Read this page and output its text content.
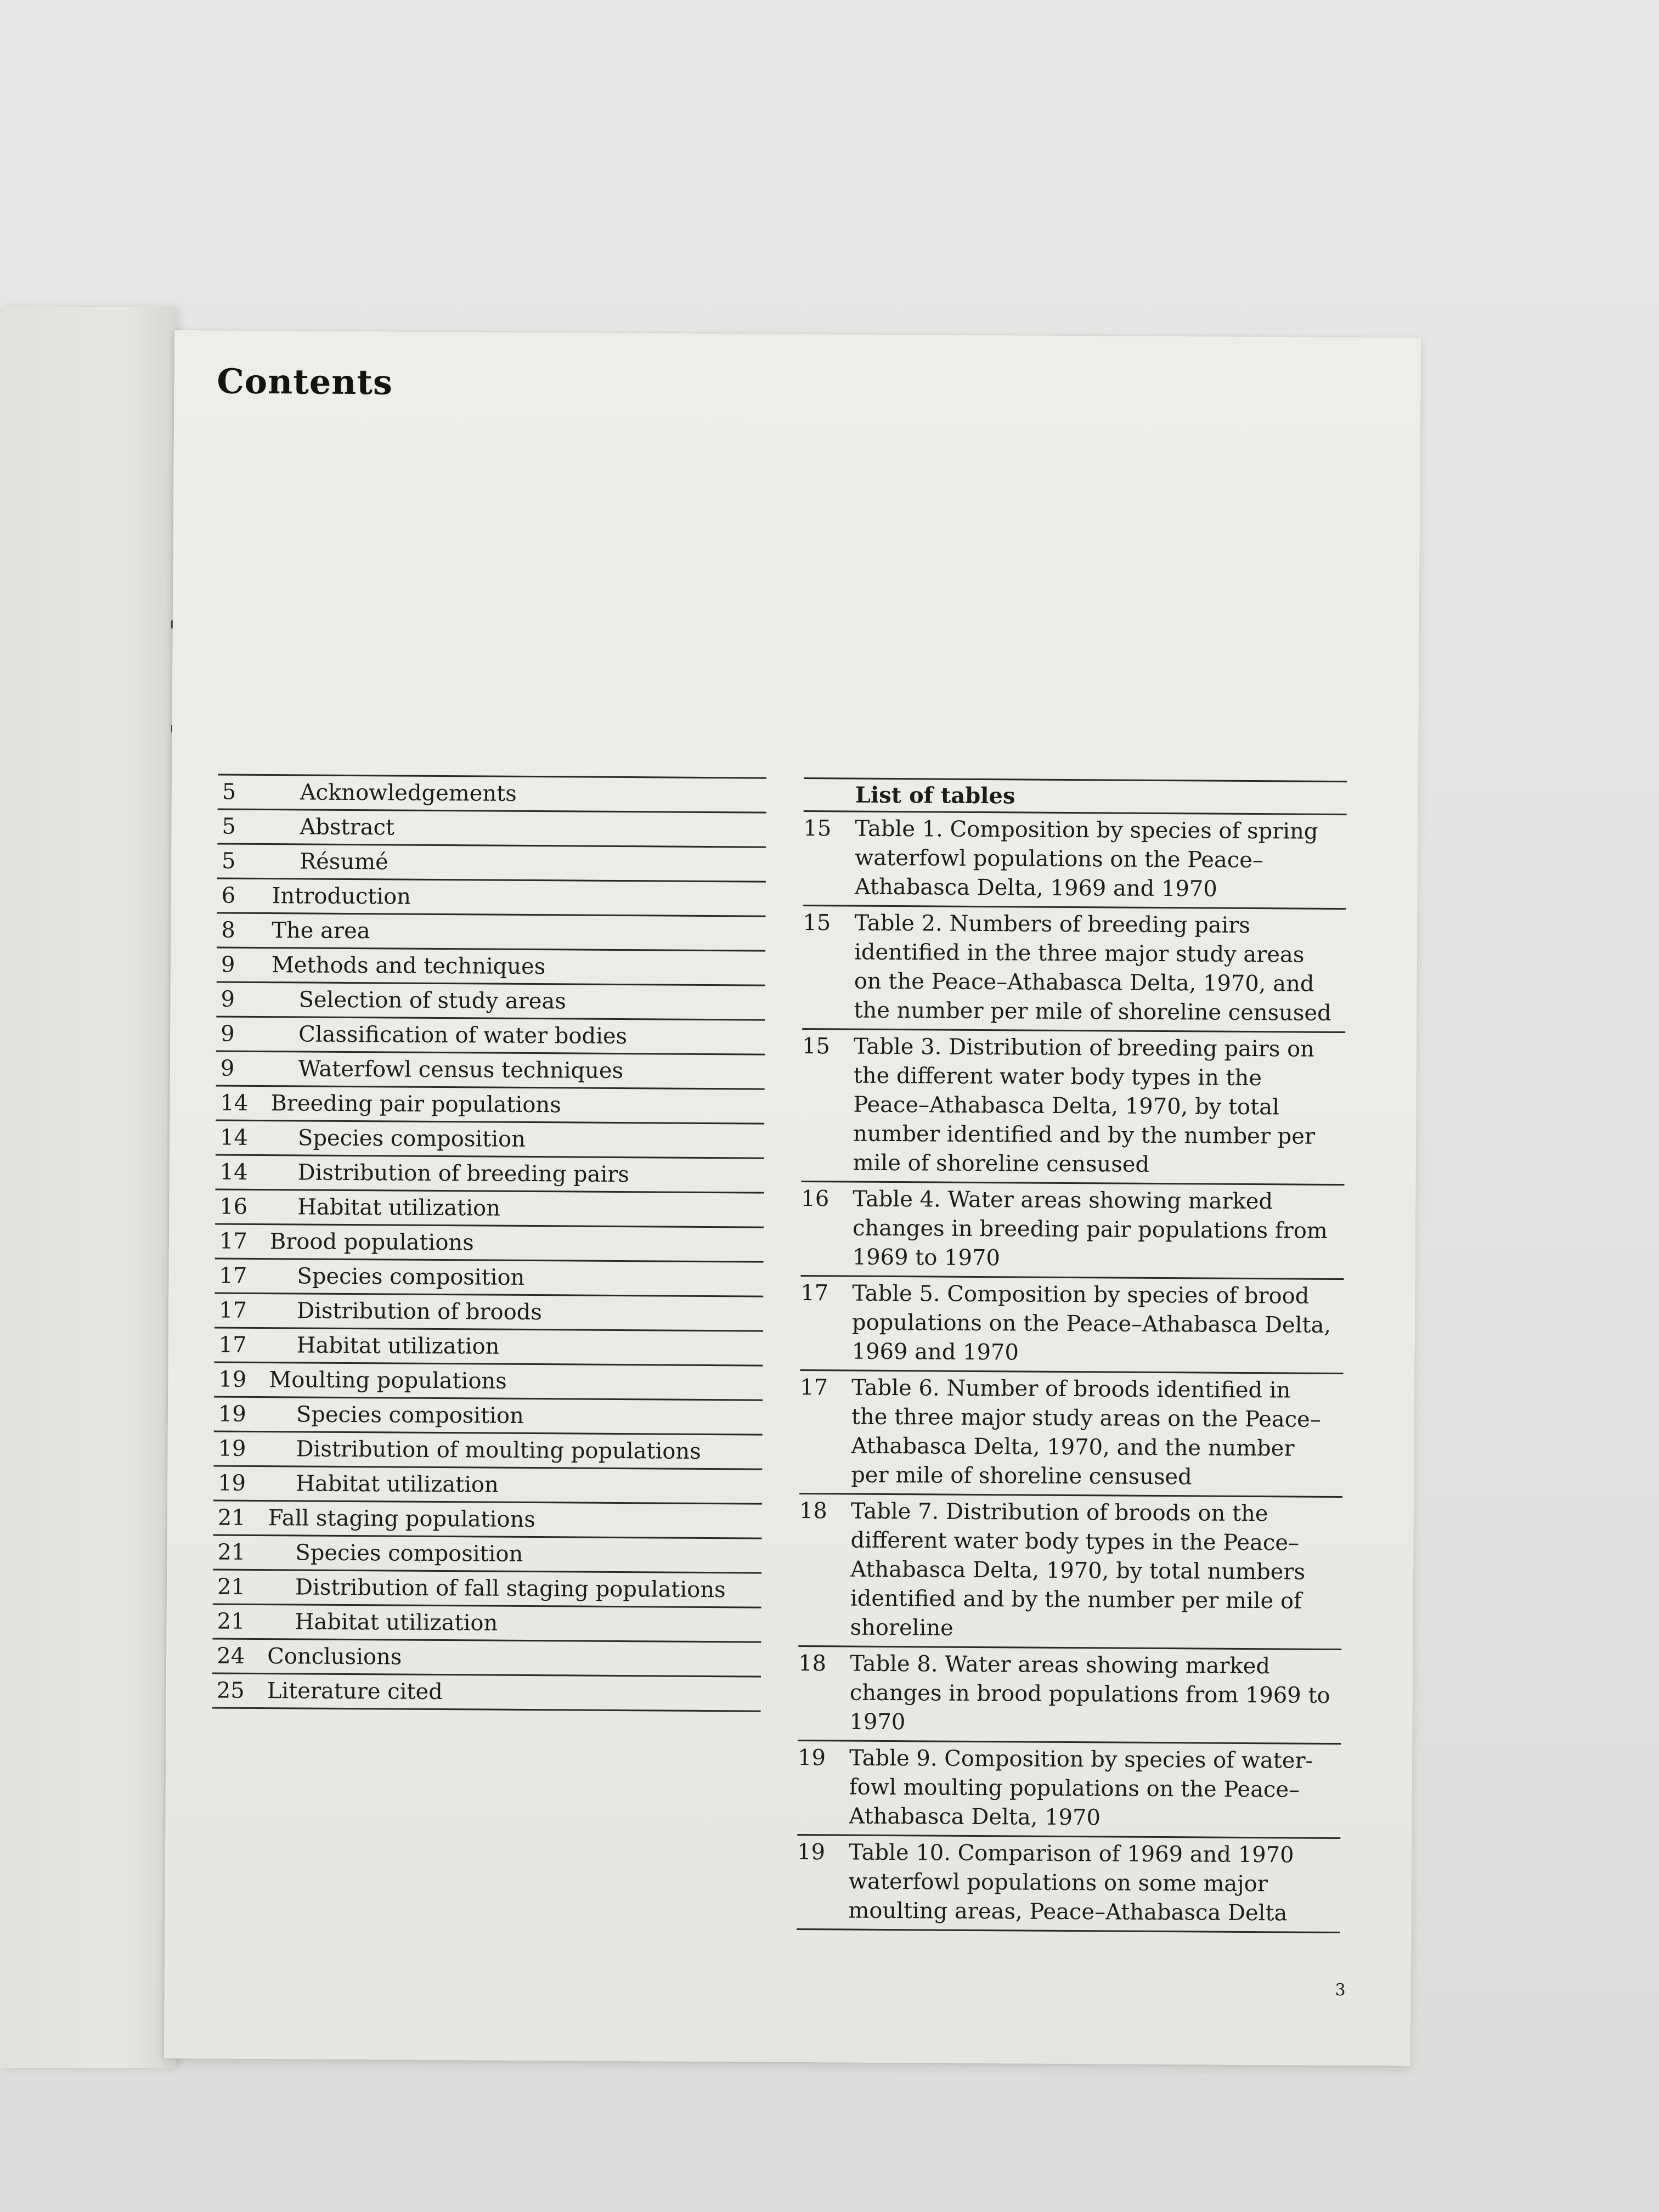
Contents
5	Acknowledgements
5	Abstract
5	Résumé
6	Introduction
8	The area
9	Methods and techniques
9	Selection of study areas
9	Classification of water bodies
9	Waterfowl census techniques
14	Breeding pair populations
14	Species composition
14	Distribution of breeding pairs
16	Habitat utilization
17	Brood populations
17	Species composition
17	Distribution of broods
17	Habitat utilization
19	Moulting populations
19	Species composition
19	Distribution of moulting populations
19	Habitat utilization
21	Fall staging populations
21	Species composition
21	Distribution of fall staging populations
21	Habitat utilization
24	Conclusions
25	Literature cited
List of tables
15	Table 1. Composition by species of spring waterfowl populations on the Peace–Athabasca Delta, 1969 and 1970
15	Table 2. Numbers of breeding pairs identified in the three major study areas on the Peace–Athabasca Delta, 1970, and the number per mile of shoreline censused
15	Table 3. Distribution of breeding pairs on the different water body types in the Peace–Athabasca Delta, 1970, by total number identified and by the number per mile of shoreline censused
16	Table 4. Water areas showing marked changes in breeding pair populations from 1969 to 1970
17	Table 5. Composition by species of brood populations on the Peace–Athabasca Delta, 1969 and 1970
17	Table 6. Number of broods identified in the three major study areas on the Peace–Athabasca Delta, 1970, and the number per mile of shoreline censused
18	Table 7. Distribution of broods on the different water body types in the Peace–Athabasca Delta, 1970, by total numbers identified and by the number per mile of shoreline
18	Table 8. Water areas showing marked changes in brood populations from 1969 to 1970
19	Table 9. Composition by species of water-fowl moulting populations on the Peace–Athabasca Delta, 1970
19	Table 10. Comparison of 1969 and 1970 waterfowl populations on some major moulting areas, Peace–Athabasca Delta
3
